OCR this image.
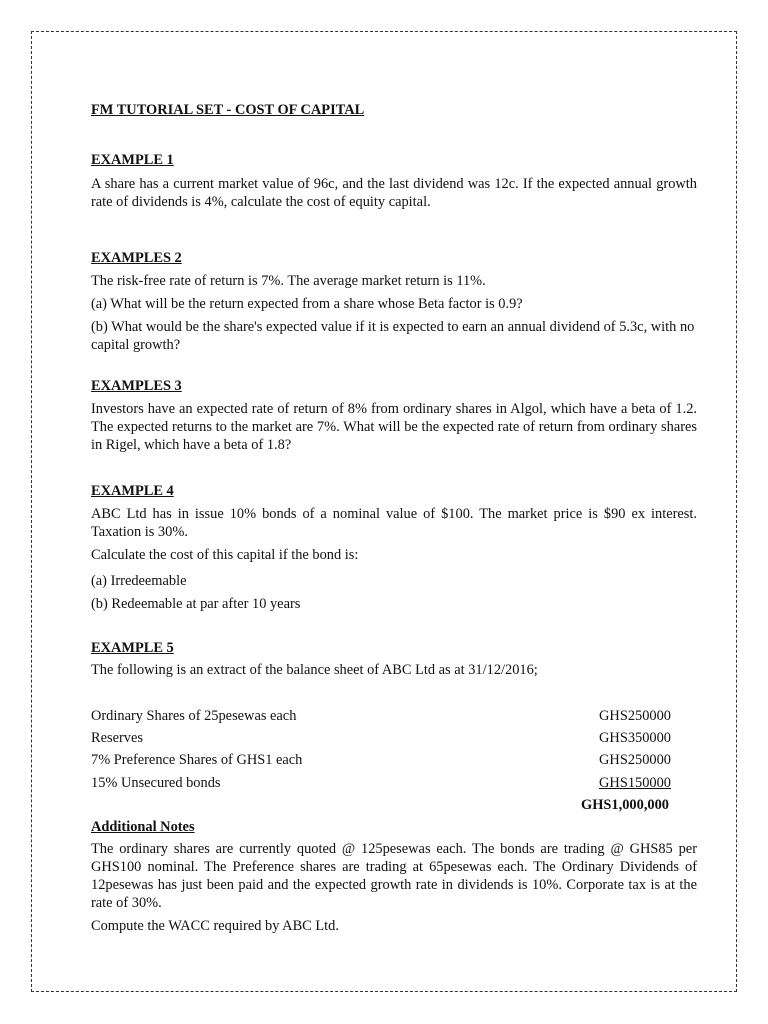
FM TUTORIAL SET - COST OF CAPITAL
EXAMPLE 1
A share has a current market value of 96c, and the last dividend was 12c. If the expected annual growth rate of dividends is 4%, calculate the cost of equity capital.
EXAMPLES 2
The risk-free rate of return is 7%. The average market return is 11%.
(a) What will be the return expected from a share whose Beta factor is 0.9?
(b) What would be the share's expected value if it is expected to earn an annual dividend of 5.3c, with no capital growth?
EXAMPLES 3
Investors have an expected rate of return of 8% from ordinary shares in Algol, which have a beta of 1.2. The expected returns to the market are 7%. What will be the expected rate of return from ordinary shares in Rigel, which have a beta of 1.8?
EXAMPLE 4
ABC Ltd has in issue 10% bonds of a nominal value of $100. The market price is $90 ex interest. Taxation is 30%.
Calculate the cost of this capital if the bond is:
(a) Irredeemable
(b) Redeemable at par after 10 years
EXAMPLE 5
The following is an extract of the balance sheet of ABC Ltd as at 31/12/2016;
Ordinary Shares of 25pesewas each	GHS250000
Reserves	GHS350000
7% Preference Shares of GHS1 each	GHS250000
15% Unsecured bonds	GHS150000
GHS1,000,000
Additional Notes
The ordinary shares are currently quoted @ 125pesewas each. The bonds are trading @ GHS85 per GHS100 nominal. The Preference shares are trading at 65pesewas each. The Ordinary Dividends of 12pesewas has just been paid and the expected growth rate in dividends is 10%. Corporate tax is at the rate of 30%.
Compute the WACC required by ABC Ltd.
